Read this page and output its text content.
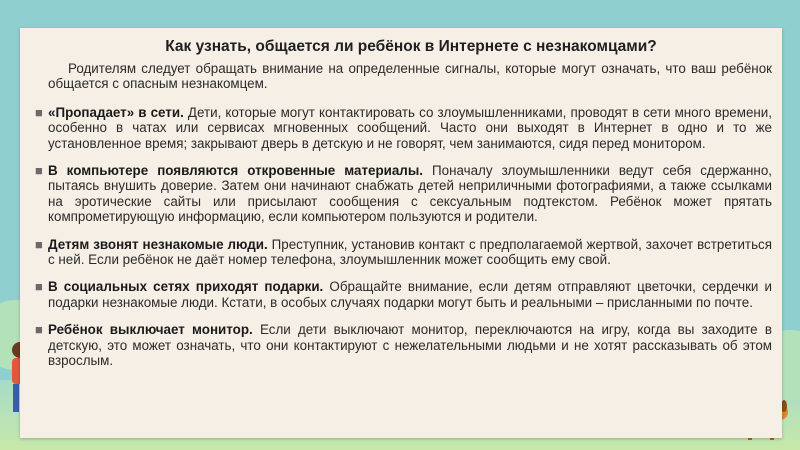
Как узнать, общается ли ребёнок в Интернете с незнакомцами?

Родителям следует обращать внимание на определенные сигналы, которые могут означать, что ваш ребёнок общается с опасным незнакомцем.

■ «Пропадает» в сети. Дети, которые могут контактировать со злоумышленниками, проводят в сети много времени, особенно в чатах или сервисах мгновенных сообщений. Часто они выходят в Интернет в одно и то же установленное время; закрывают дверь в детскую и не говорят, чем занимаются, сидя перед монитором.
■ В компьютере появляются откровенные материалы. Поначалу злоумышленники ведут себя сдержанно, пытаясь внушить доверие. Затем они начинают снабжать детей неприличными фотографиями, а также ссылками на эротические сайты или присылают сообщения с сексуальным подтекстом. Ребёнок может прятать компрометирующую информацию, если компьютером пользуются и родители.
■ Детям звонят незнакомые люди. Преступник, установив контакт с предполагаемой жертвой, захочет встретиться с ней. Если ребёнок не даёт номер телефона, злоумышленник может сообщить ему свой.
■ В социальных сетях приходят подарки. Обращайте внимание, если детям отправляют цветочки, сердечки и подарки незнакомые люди. Кстати, в особых случаях подарки могут быть и реальными – присланными по почте.
■ Ребёнок выключает монитор. Если дети выключают монитор, переключаются на игру, когда вы заходите в детскую, это может означать, что они контактируют с нежелательными людьми и не хотят рассказывать об этом взрослым.
